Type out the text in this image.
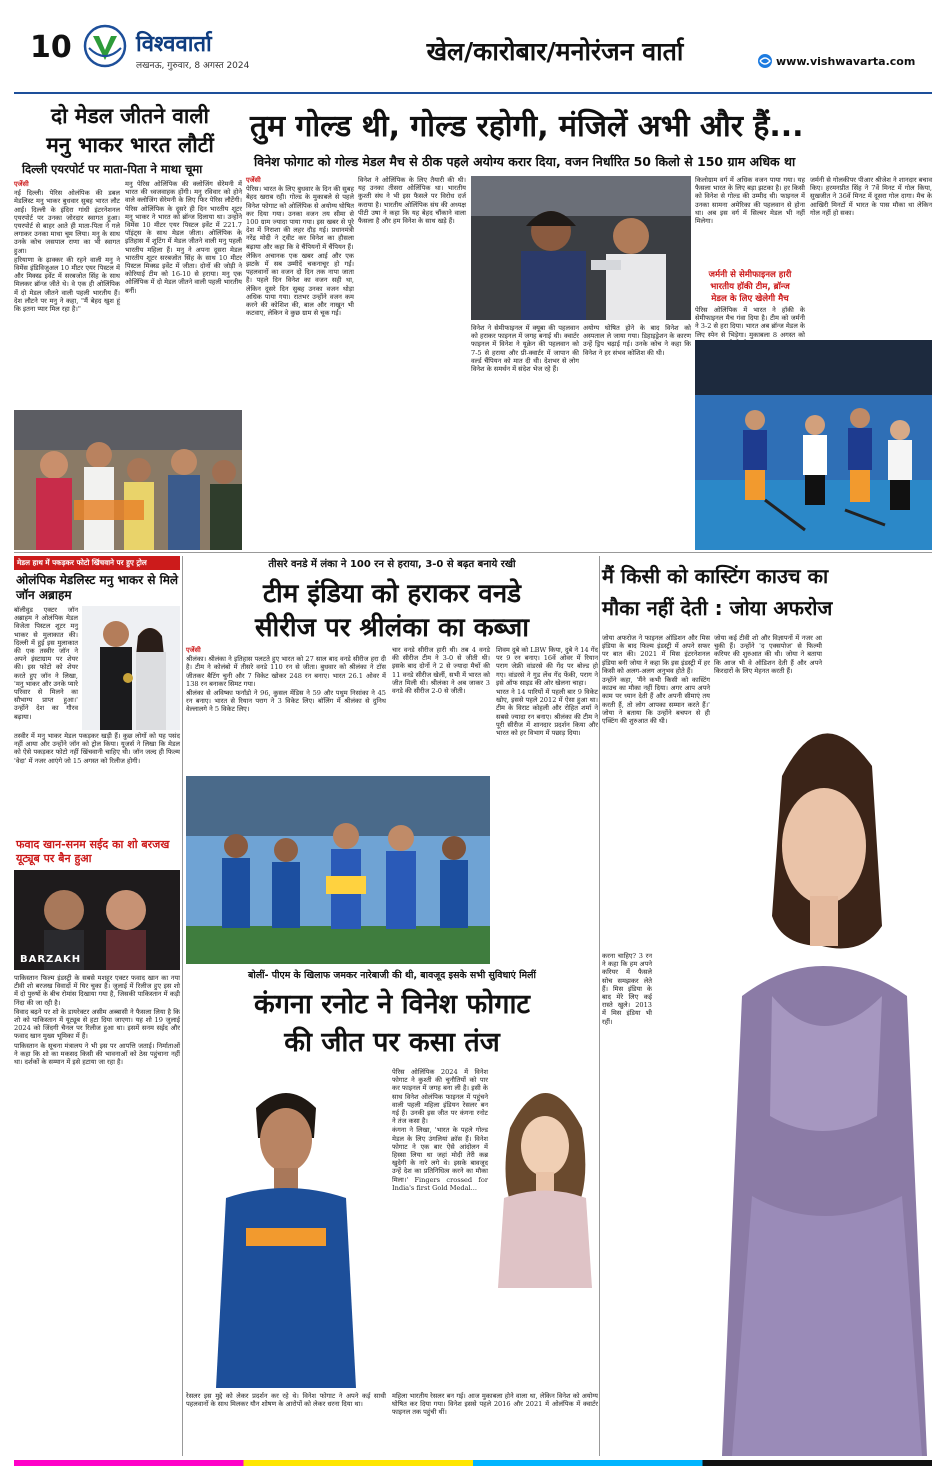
10	विश्ववार्ता
लखनऊ, गुरुवार, 8 अगस्त 2024	खेल/कारोबार/मनोरंजन वार्ता	www.vishwavarta.com
दो मेडल जीतने वाली
मनु भाकर भारत लौटीं
दिल्ली एयरपोर्ट पर माता-पिता ने माथा चूमा

एजेंसी

नई दिल्ली। पेरिस ओलंपिक की डबल मेडलिस्ट मनु भाकर बुधवार सुबह भारत लौट आईं। दिल्ली के इंदिरा गांधी इंटरनेशनल एयरपोर्ट पर उनका जोरदार स्वागत हुआ। एयरपोर्ट से बाहर आते ही माता-पिता ने गले लगाकर उनका माथा चूम लिया। मनु के साथ उनके कोच जसपाल राणा का भी स्वागत हुआ।

हरियाणा के ढ़ाक्कर की रहने वाली मनु ने विमेंस इंडिविजुअल 10 मीटर एयर पिस्टल में और मिक्स्ड इवेंट में सरबजोत सिंह के साथ मिलकर ब्रॉन्ज जीते थे। वे एक ही ओलिंपिक में दो मेडल जीतने वाली पहली भारतीय हैं। देश लौटने पर मनु ने कहा, "मैं बेहद खुश हूं कि इतना प्यार मिल रहा है।"

मनु पेरिस ओलिंपिक की क्लोजिंग सेरेमनी में भारत की ध्वजवाहक होंगी। मनु रविवार को होने वाले क्लोजिंग सेरेमनी के लिए फिर पेरिस लौटेंगी। पेरिस ओलिंपिक के दूसरे ही दिन भारतीय शूटर मनु भाकर ने भारत को ब्रॉन्ज दिलाया था। उन्होंने विमेंस 10 मीटर एयर पिस्टल इवेंट में 221.7 पॉइंट्स के साथ मेडल जीता। ओलिंपिक के इतिहास में शूटिंग में मेडल जीतने वाली मनु पहली भारतीय महिला हैं। मनु ने अपना दूसरा मेडल भारतीय शूटर सरबजोत सिंह के साथ 10 मीटर पिस्टल मिक्स्ड इवेंट में जीता। दोनों की जोड़ी ने कोरियाई टीम को 16-10 से हराया। मनु एक ओलिंपिक में दो मेडल जीतने वाली पहली भारतीय बनीं।

तुम गोल्ड थी, गोल्ड रहोगी, मंजिलें अभी और हैं...
विनेश फोगाट को गोल्ड मेडल मैच से ठीक पहले अयोग्य करार दिया, वजन निर्धारित 50 किलो से 150 ग्राम अधिक था

एजेंसी

पेरिस। भारत के लिए बुधवार के दिन की सुबह बेहद खराब रही। गोल्ड के मुकाबले से पहले विनेश फोगाट को ओलिंपिक से अयोग्य घोषित कर दिया गया। उनका वजन तय सीमा से 100 ग्राम ज्यादा पाया गया। इस खबर से पूरे देश में निराशा की लहर दौड़ गई। प्रधानमंत्री नरेंद्र मोदी ने ट्वीट कर विनेश का हौसला बढ़ाया और कहा कि वे चैंपियनों में चैंपियन हैं।

लेकिन अचानक एक खबर आई और एक झटके में सब उम्मीदें चकनाचूर हो गईं। पहलवानों का वजन दो दिन तक नापा जाता है। पहले दिन विनेश का वजन सही था, लेकिन दूसरे दिन सुबह उनका वजन थोड़ा अधिक पाया गया। रातभर उन्होंने वजन कम करने की कोशिश की, बाल और नाखून भी कटवाए, लेकिन वे कुछ ग्राम से चूक गईं।

विनेश ने ओलिंपिक के लिए तैयारी की थी। यह उनका तीसरा ओलिंपिक था। भारतीय कुश्ती संघ ने भी इस फैसले पर विरोध दर्ज कराया है। भारतीय ओलिंपिक संघ की अध्यक्ष पीटी उषा ने कहा कि यह बेहद चौंकाने वाला फैसला है और हम विनेश के साथ खड़े हैं।

विनेश ने सेमीफाइनल में क्यूबा की पहलवान को हराकर फाइनल में जगह बनाई थी। क्वार्टर फाइनल में विनेश ने यूक्रेन की पहलवान को 7-5 से हराया और प्री-क्वार्टर में जापान की वर्ल्ड चैंपियन को मात दी थी। देशभर से लोग विनेश के समर्थन में संदेश भेज रहे हैं।

अयोग्य घोषित होने के बाद विनेश को अस्पताल ले जाया गया। डिहाइड्रेशन के कारण उन्हें ड्रिप चढ़ाई गई। उनके कोच ने कहा कि विनेश ने हर संभव कोशिश की थी।

किलोग्राम वर्ग में अधिक वजन पाया गया। यह फैसला भारत के लिए बड़ा झटका है। हर किसी को विनेश से गोल्ड की उम्मीद थी। फाइनल में उनका सामना अमेरिका की पहलवान से होना था। अब इस वर्ग में सिल्वर मेडल भी नहीं मिलेगा।

जर्मनी से सेमीफाइनल हारी
भारतीय हॉकी टीम, ब्रॉन्ज
मेडल के लिए खेलेगी मैच

पेरिस ओलिंपिक में भारत ने हॉकी के सेमीफाइनल मैच गंवा दिया है। टीम को जर्मनी ने 3-2 से हरा दिया। भारत अब ब्रॉन्ज मेडल के लिए स्पेन से भिड़ेगा। मुकाबला 8 अगस्त को

जर्मनी से गोलकीपर पीआर श्रीजेश ने शानदार बचाव किए। हरमनप्रीत सिंह ने 7वें मिनट में गोल किया, सुखजीत ने 36वें मिनट में दूसरा गोल दागा। मैच के आखिरी मिनटों में भारत के पास मौका था लेकिन गोल नहीं हो सका।

मेडल हाथ में पकड़कर फोटो खिंचवाने पर हुए ट्रोल
ओलंपिक मेडलिस्ट मनु भाकर से मिले जॉन अब्राहम

बॉलीवुड एक्टर जॉन अब्राहम ने ओलंपिक मेडल विजेता पिस्टल शूटर मनु भाकर से मुलाकात की। दिल्ली में हुई इस मुलाकात की एक तस्वीर जॉन ने अपने इंस्टाग्राम पर शेयर की। इस फोटो को शेयर करते हुए जॉन ने लिखा, 'मनु भाकर और उनके प्यारे परिवार से मिलने का सौभाग्य प्राप्त हुआ।' उन्होंने देश का गौरव बढ़ाया।

तस्वीर में मनु भाकर मेडल पकड़कर खड़ी हैं। कुछ लोगों को यह पसंद नहीं आया और उन्होंने जॉन को ट्रोल किया। यूजर्स ने लिखा कि मेडल को ऐसे पकड़कर फोटो नहीं खिंचवानी चाहिए थी। जॉन जल्द ही फिल्म 'वेदा' में नजर आएंगे जो 15 अगस्त को रिलीज होगी।

फवाद खान-सनम सईद का शो बरजख यूट्यूब पर बैन हुआ
BARZAKH

पाकिस्तान फिल्म इंडस्ट्री के सबसे मशहूर एक्टर फवाद खान का नया टीवी शो बरजख विवादों में घिर चुका है। जुलाई में रिलीज हुए इस शो में दो पुरुषों के बीच रोमांस दिखाया गया है, जिसकी पाकिस्तान में कड़ी निंदा की जा रही है।

विवाद बढ़ने पर शो के डायरेक्टर असीम अब्बासी ने फैसला लिया है कि शो को पाकिस्तान में यूट्यूब से हटा दिया जाएगा। यह शो 19 जुलाई 2024 को जिंदगी चैनल पर रिलीज हुआ था। इसमें सनम सईद और फवाद खान मुख्य भूमिका में हैं।

पाकिस्तान के सूचना मंत्रालय ने भी इस पर आपत्ति जताई। निर्माताओं ने कहा कि शो का मकसद किसी की भावनाओं को ठेस पहुंचाना नहीं था। दर्शकों के सम्मान में इसे हटाया जा रहा है।

तीसरे वनडे में लंका ने 100 रन से हराया, 3-0 से बढ़त बनाये रखी
टीम इंडिया को हराकर वनडे
सीरीज पर श्रीलंका का कब्जा

एजेंसी

श्रीलंका। श्रीलंका ने इतिहास पलटते हुए भारत को 27 साल बाद वनडे सीरीज हरा दी है। टीम ने कोलंबो में तीसरे वनडे 110 रन से जीता। बुधवार को श्रीलंका ने टॉस जीतकर बैटिंग चुनी और 7 विकेट खोकर 248 रन बनाए। भारत 26.1 ओवर में 138 रन बनाकर सिमट गया।

श्रीलंका से अविष्का फर्नांडो ने 96, कुसल मेंडिस ने 59 और पथुम निसांका ने 45 रन बनाए। भारत से रियान पराग ने 3 विकेट लिए। बॉलिंग में श्रीलंका से दुनिथ वेल्लालगे ने 5 विकेट लिए।

चार वनडे सीरीज हारी थी। तब 4 वनडे की सीरीज टीम ने 3-0 से जीती थी। इसके बाद दोनों ने 2 से ज्यादा मैचों की 11 वनडे सीरीज खेलीं, सभी में भारत को जीत मिली थी। श्रीलंका ने अब जाकर 3 वनडे की सीरीज 2-0 से जीती।

शिवम दुबे को LBW किया, दुबे ने 14 गेंद पर 9 रन बनाए। 16वें ओवर में रियान पराग जेफ्री वांडरसे की गेंद पर बोल्ड हो गए। वांडरसे ने गुड लेंथ गेंद फेंकी, पराग ने इसे ऑफ साइड की ओर खेलना चाहा।

भारत ने 14 पारियों में पहली बार 9 विकेट खोए, इससे पहले 2012 में ऐसा हुआ था। टीम के विराट कोहली और रोहित शर्मा ने सबसे ज्यादा रन बनाए। श्रीलंका की टीम ने पूरी सीरीज में शानदार प्रदर्शन किया और भारत को हर विभाग में पछाड़ दिया।

मैं किसी को कास्टिंग काउच का
मौका नहीं देती : जोया अफरोज

जोया अफरोज ने फाइनल ऑडिशन और मिस इंडिया के बाद फिल्म इंडस्ट्री में अपने सफर पर बात की। 2021 में मिस इंटरनेशनल इंडिया बनी जोया ने कहा कि इस इंडस्ट्री में हर किसी को अलग-अलग अनुभव होते हैं।

उन्होंने कहा, 'मैंने कभी किसी को कास्टिंग काउच का मौका नहीं दिया। अगर आप अपने काम पर ध्यान देती हैं और अपनी सीमाएं तय करती हैं, तो लोग आपका सम्मान करते हैं।' जोया ने बताया कि उन्होंने बचपन से ही एक्टिंग की शुरुआत की थी।

जोया कई टीवी शो और विज्ञापनों में नजर आ चुकी हैं। उन्होंने 'द एक्सपोज' से फिल्मी करियर की शुरुआत की थी। जोया ने बताया कि आज भी वे ऑडिशन देती हैं और अपने किरदारों के लिए मेहनत करती हैं।

करना चाहिए? 3 रन ने कहा कि हम अपने करियर में फैसले सोच समझकर लेते हैं। मिस इंडिया के बाद मेरे लिए कई रास्ते खुले। 2013 में मिस इंडिया भी रहीं।

बोलीं- पीएम के खिलाफ जमकर नारेबाजी की थी, बावजूद इसके सभी सुविधाएं मिलीं
कंगना रनोट ने विनेश फोगाट
की जीत पर कसा तंज

पेरिस ओलिंपिक 2024 में विनेश फोगाट ने कुश्ती की चुनौतियों को पार कर फाइनल में जगह बना ली है। इसी के साथ विनेश ओलंपिक फाइनल में पहुंचने वाली पहली महिला इंडियन रेसलर बन गई हैं। उनकी इस जीत पर कंगना रनोट ने तंज कसा है।

कंगना ने लिखा, 'भारत के पहले गोल्ड मेडल के लिए उंगलियां क्रॉस हैं। विनेश फोगाट ने एक बार ऐसे आंदोलन में हिस्सा लिया था जहां मोदी तेरी कब्र खुदेगी के नारे लगे थे। इसके बावजूद उन्हें देश का प्रतिनिधित्व करने का मौका मिला।' Fingers crossed for India's first Gold Medal...

रेसलर इस मुद्दे को लेकर प्रदर्शन कर रहे थे। विनेश फोगाट ने अपने कई साथी पहलवानों के साथ मिलकर यौन शोषण के आरोपों को लेकर धरना दिया था।

महिला भारतीय रेसलर बन गई। आज मुकाबला होने वाला था, लेकिन विनेश को अयोग्य घोषित कर दिया गया। विनेश इससे पहले 2016 और 2021 में ओलंपिक में क्वार्टर फाइनल तक पहुंची थीं।
